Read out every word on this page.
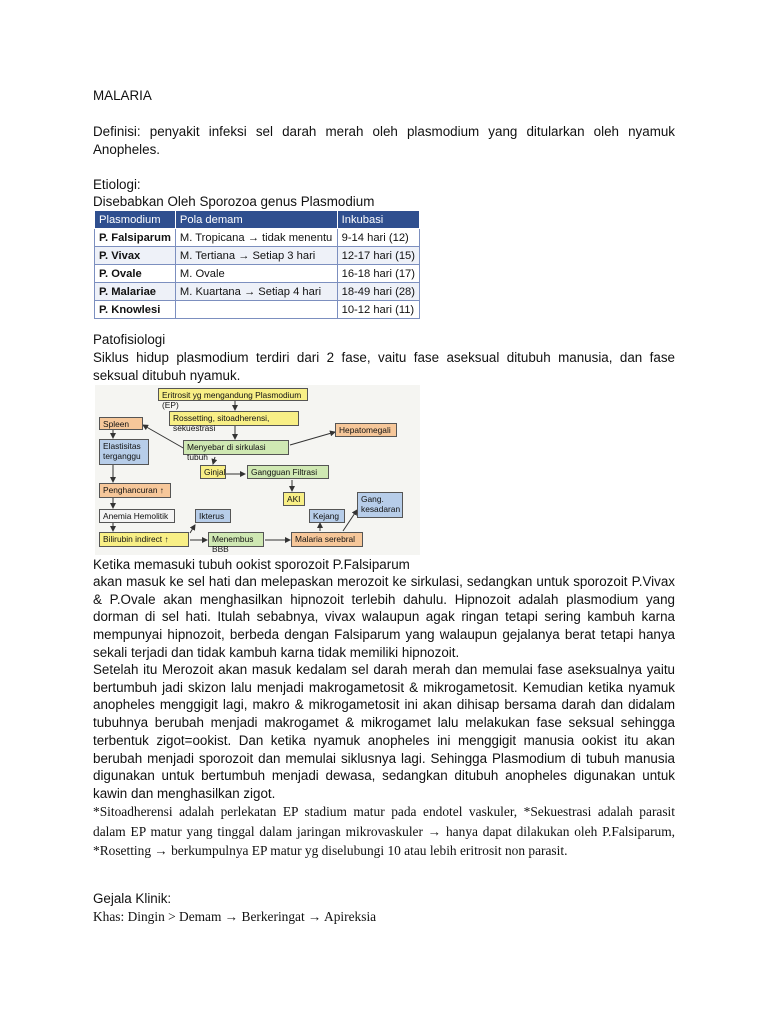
MALARIA

Definisi: penyakit infeksi sel darah merah oleh plasmodium yang ditularkan oleh nyamuk Anopheles.

Etiologi:

Disebabkan Oleh Sporozoa genus Plasmodium

Plasmodium	Pola demam	Inkubasi
P. Falsiparum	M. Tropicana → tidak menentu	9-14 hari (12)
P. Vivax	M. Tertiana → Setiap 3 hari	12-17 hari (15)
P. Ovale	M. Ovale	16-18 hari (17)
P. Malariae	M. Kuartana → Setiap 4 hari	18-49 hari (28)
P. Knowlesi		10-12 hari (11)

Patofisiologi

Siklus hidup plasmodium terdiri dari 2 fase, vaitu fase aseksual ditubuh manusia, dan fase seksual ditubuh nyamuk.

Eritrosit yg mengandung Plasmodium (EP)
Rossetting, sitoadherensi, sekuestrasi
Menyebar di sirkulasi tubuh
Spleen
Elastisitas terganggu
Hepatomegali
Ginjal	Gangguan Filtrasi
Penghancuran ↑
AKI
Anemia Hemolitik	Ikterus	Kejang
Gang. kesadaran
Bilirubin indirect ↑	Menembus BBB
Malaria serebral

Ketika memasuki tubuh ookist sporozoit P.Falsiparum

akan masuk ke sel hati dan melepaskan merozoit ke sirkulasi, sedangkan untuk sporozoit P.Vivax & P.Ovale akan menghasilkan hipnozoit terlebih dahulu. Hipnozoit adalah plasmodium yang dorman di sel hati. Itulah sebabnya, vivax walaupun agak ringan tetapi sering kambuh karna mempunyai hipnozoit, berbeda dengan Falsiparum yang walaupun gejalanya berat tetapi hanya sekali terjadi dan tidak kambuh karna tidak memiliki hipnozoit.

Setelah itu Merozoit akan masuk kedalam sel darah merah dan memulai fase aseksualnya yaitu bertumbuh jadi skizon lalu menjadi makrogametosit & mikrogametosit. Kemudian ketika nyamuk anopheles menggigit lagi, makro & mikrogametosit ini akan dihisap bersama darah dan didalam tubuhnya berubah menjadi makrogamet & mikrogamet lalu melakukan fase seksual sehingga terbentuk zigot=ookist. Dan ketika nyamuk anopheles ini menggigit manusia ookist itu akan berubah menjadi sporozoit dan memulai siklusnya lagi. Sehingga Plasmodium di tubuh manusia digunakan untuk bertumbuh menjadi dewasa, sedangkan ditubuh anopheles digunakan untuk kawin dan menghasilkan zigot.

*Sitoadherensi adalah perlekatan EP stadium matur pada endotel vaskuler, *Sekuestrasi adalah parasit dalam EP matur yang tinggal dalam jaringan mikrovaskuler → hanya dapat dilakukan oleh P.Falsiparum, *Rosetting → berkumpulnya EP matur yg diselubungi 10 atau lebih eritrosit non parasit.

Gejala Klinik:

Khas: Dingin > Demam → Berkeringat → Apireksia
